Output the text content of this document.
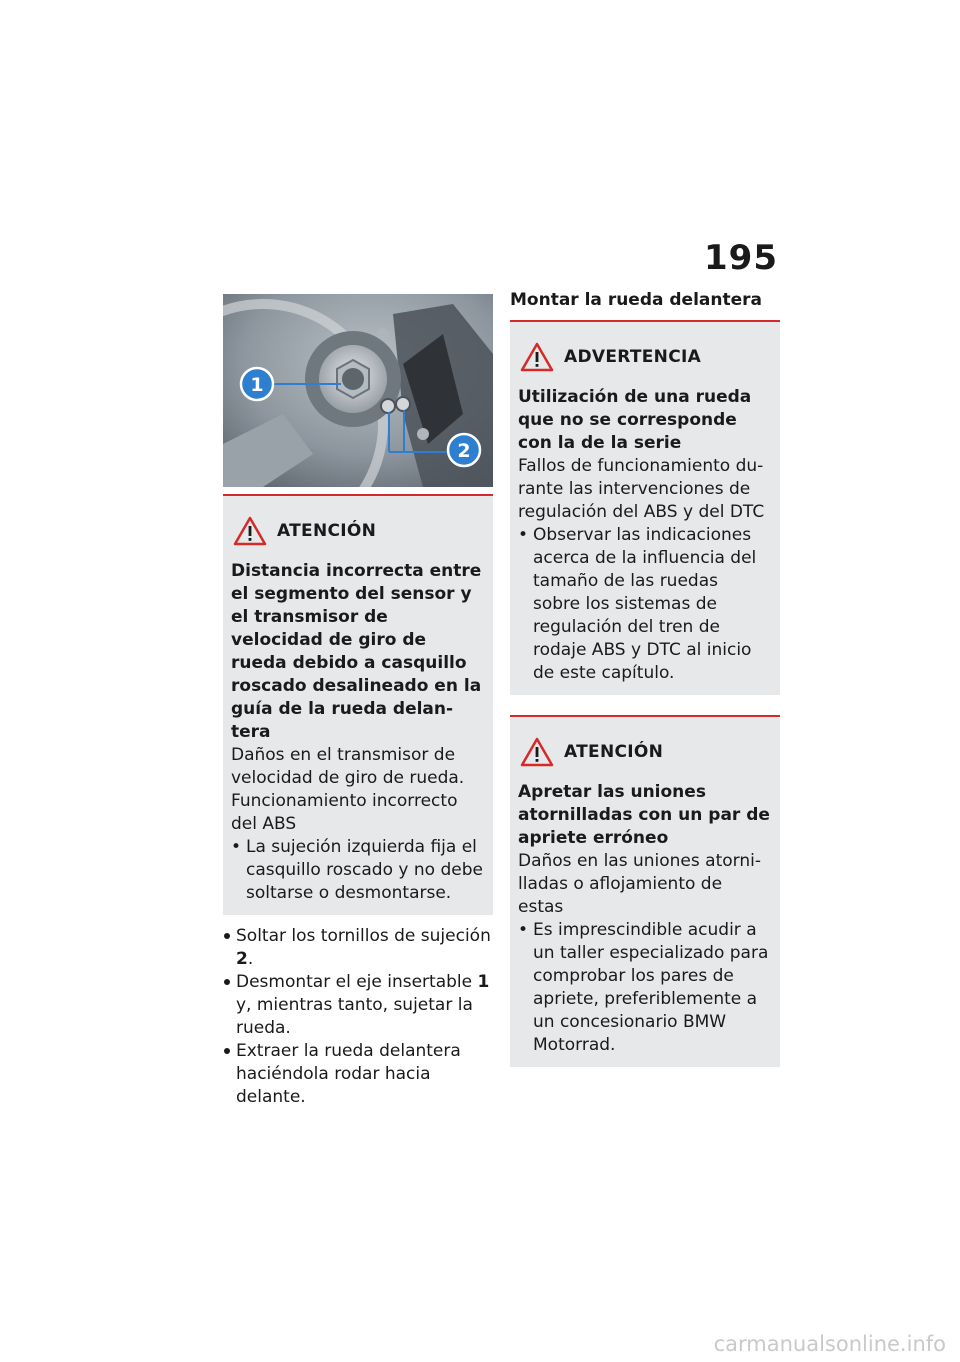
195
1
2
ATENCIÓN
Distancia incorrecta entre el segmento del sensor y el transmisor de velocidad de giro de rueda debido a casquillo roscado desalineado en la guía de la rueda delantera
Daños en el transmisor de velocidad de giro de rueda. Funcionamiento incorrecto del ABS
• La sujeción izquierda fija el casquillo roscado y no debe soltarse o desmontarse.
Soltar los tornillos de sujeción 2.
Desmontar el eje insertable 1 y, mientras tanto, sujetar la rueda.
Extraer la rueda delantera haciéndola rodar hacia delante.
Montar la rueda delantera
ADVERTENCIA
Utilización de una rueda que no se corresponde con la de la serie
Fallos de funcionamiento durante las intervenciones de regulación del ABS y del DTC
• Observar las indicaciones acerca de la influencia del tamaño de las ruedas sobre los sistemas de regulación del tren de rodaje ABS y DTC al inicio de este capítulo.
ATENCIÓN
Apretar las uniones atornilladas con un par de apriete erróneo
Daños en las uniones atornilladas o aflojamiento de estas
• Es imprescindible acudir a un taller especializado para comprobar los pares de apriete, preferiblemente a un concesionario BMW Motorrad.
carmanualsonline.info
